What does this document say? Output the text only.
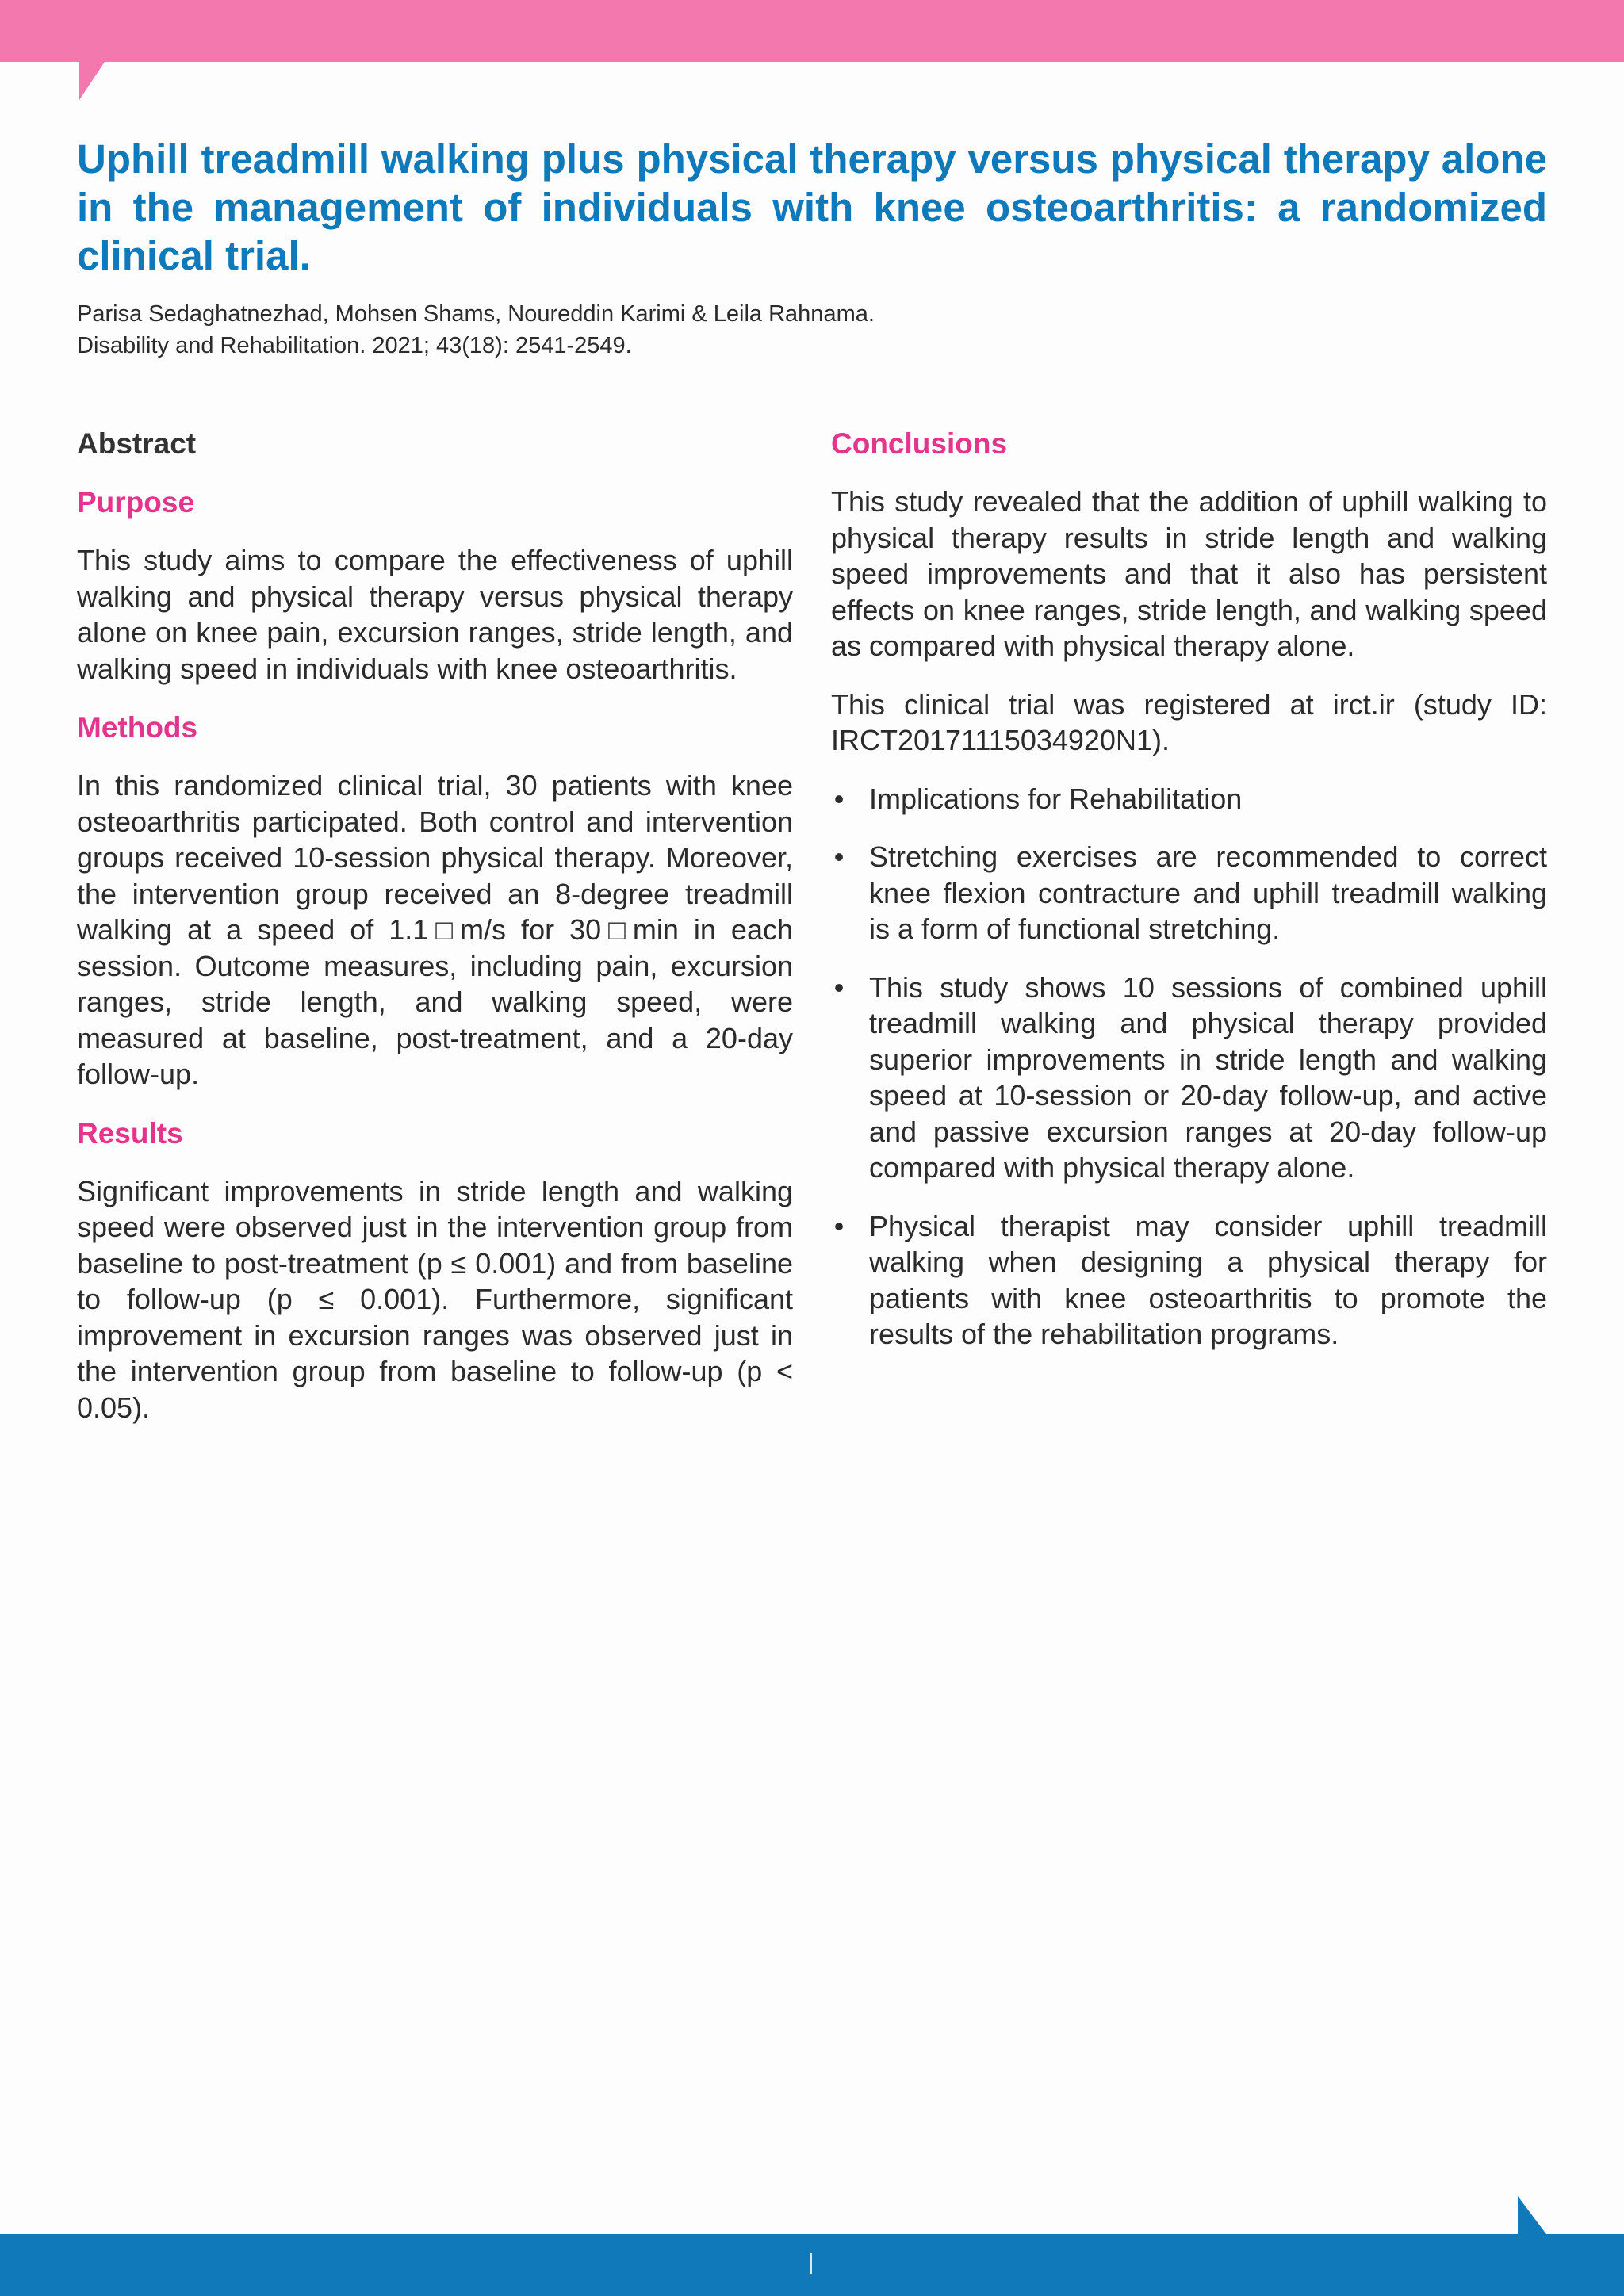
Uphill treadmill walking plus physical therapy versus physical therapy alone in the management of individuals with knee osteoarthritis: a randomized clinical trial.
Parisa Sedaghatnezhad, Mohsen Shams, Noureddin Karimi & Leila Rahnama.
Disability and Rehabilitation. 2021; 43(18): 2541-2549.
Abstract
Purpose

This study aims to compare the effectiveness of uphill walking and physical therapy versus physical therapy alone on knee pain, excursion ranges, stride length, and walking speed in individuals with knee osteoarthritis.

Methods

In this randomized clinical trial, 30 patients with knee osteoarthritis participated. Both control and intervention groups received 10-session physical therapy. Moreover, the intervention group received an 8-degree treadmill walking at a speed of 1.1□m/s for 30□min in each session. Outcome measures, including pain, excursion ranges, stride length, and walking speed, were measured at baseline, post-treatment, and a 20-day follow-up.

Results

Significant improvements in stride length and walking speed were observed just in the intervention group from baseline to post-treatment (p ≤ 0.001) and from baseline to follow-up (p ≤ 0.001). Furthermore, significant improvement in excursion ranges was observed just in the intervention group from baseline to follow-up (p < 0.05).

Conclusions

This study revealed that the addition of uphill walking to physical therapy results in stride length and walking speed improvements and that it also has persistent effects on knee ranges, stride length, and walking speed as compared with physical therapy alone.

This clinical trial was registered at irct.ir (study ID: IRCT20171115034920N1).

• Implications for Rehabilitation
• Stretching exercises are recommended to correct knee flexion contracture and uphill treadmill walking is a form of functional stretching.
• This study shows 10 sessions of combined uphill treadmill walking and physical therapy provided superior improvements in stride length and walking speed at 10-session or 20-day follow-up, and active and passive excursion ranges at 20-day follow-up compared with physical therapy alone.
• Physical therapist may consider uphill treadmill walking when designing a physical therapy for patients with knee osteoarthritis to promote the results of the rehabilitation programs.
